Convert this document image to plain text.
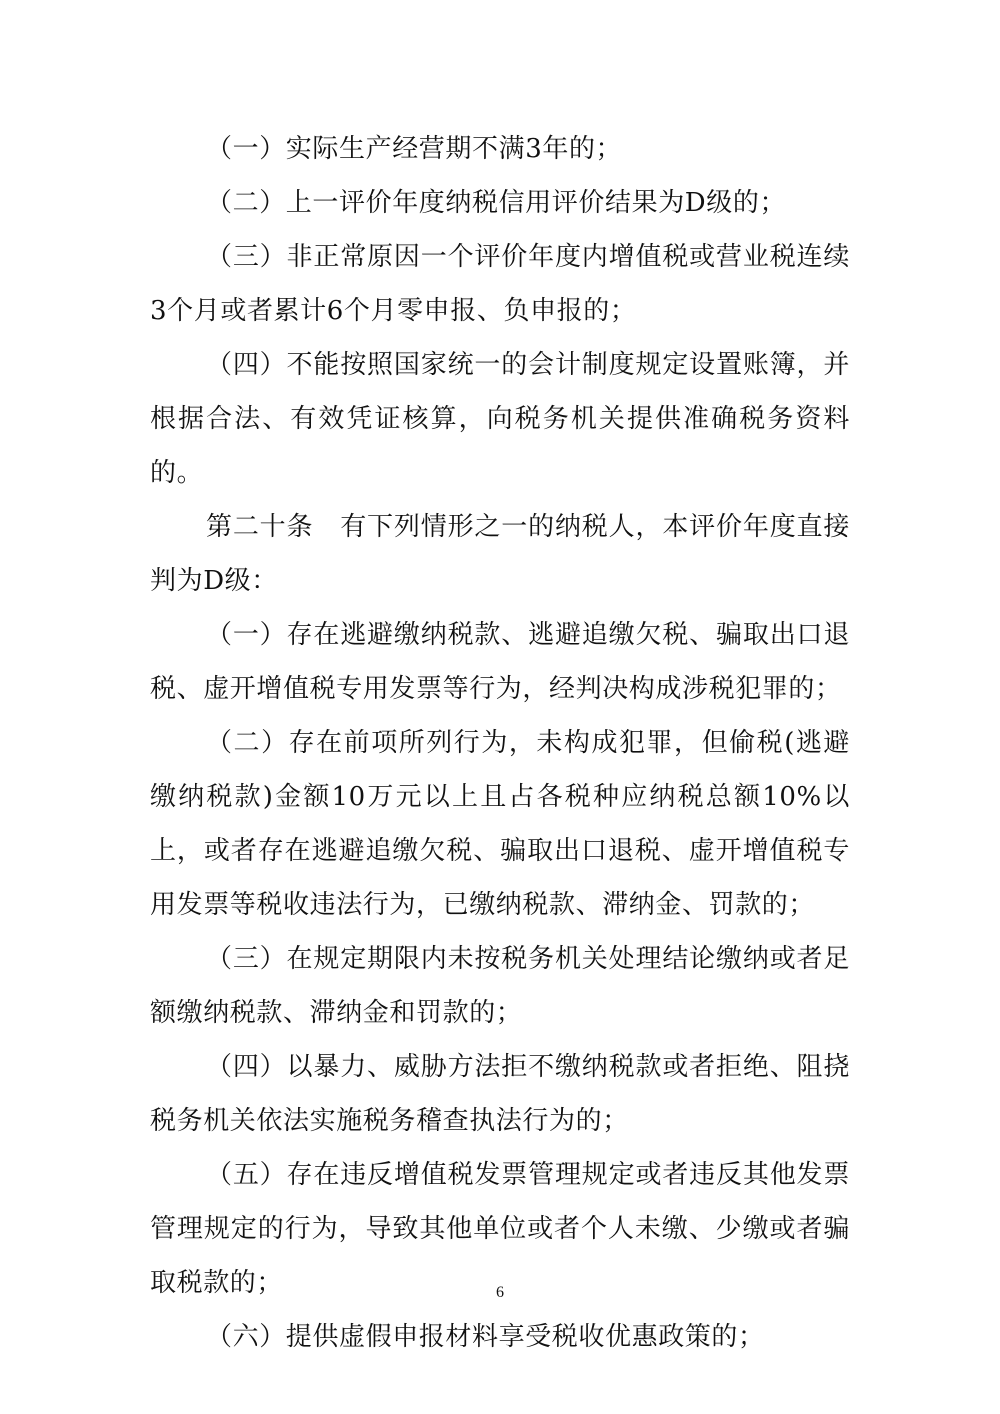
（一）实际生产经营期不满3年的；

（二）上一评价年度纳税信用评价结果为D级的；

（三）非正常原因一个评价年度内增值税或营业税连续3个月或者累计6个月零申报、负申报的；

（四）不能按照国家统一的会计制度规定设置账簿，并根据合法、有效凭证核算，向税务机关提供准确税务资料的。

第二十条　有下列情形之一的纳税人，本评价年度直接判为D级：

（一）存在逃避缴纳税款、逃避追缴欠税、骗取出口退税、虚开增值税专用发票等行为，经判决构成涉税犯罪的；

（二）存在前项所列行为，未构成犯罪，但偷税(逃避缴纳税款)金额10万元以上且占各税种应纳税总额10%以上，或者存在逃避追缴欠税、骗取出口退税、虚开增值税专用发票等税收违法行为，已缴纳税款、滞纳金、罚款的；

（三）在规定期限内未按税务机关处理结论缴纳或者足额缴纳税款、滞纳金和罚款的；

（四）以暴力、威胁方法拒不缴纳税款或者拒绝、阻挠税务机关依法实施税务稽查执法行为的；

（五）存在违反增值税发票管理规定或者违反其他发票管理规定的行为，导致其他单位或者个人未缴、少缴或者骗取税款的；

（六）提供虚假申报材料享受税收优惠政策的；

6
